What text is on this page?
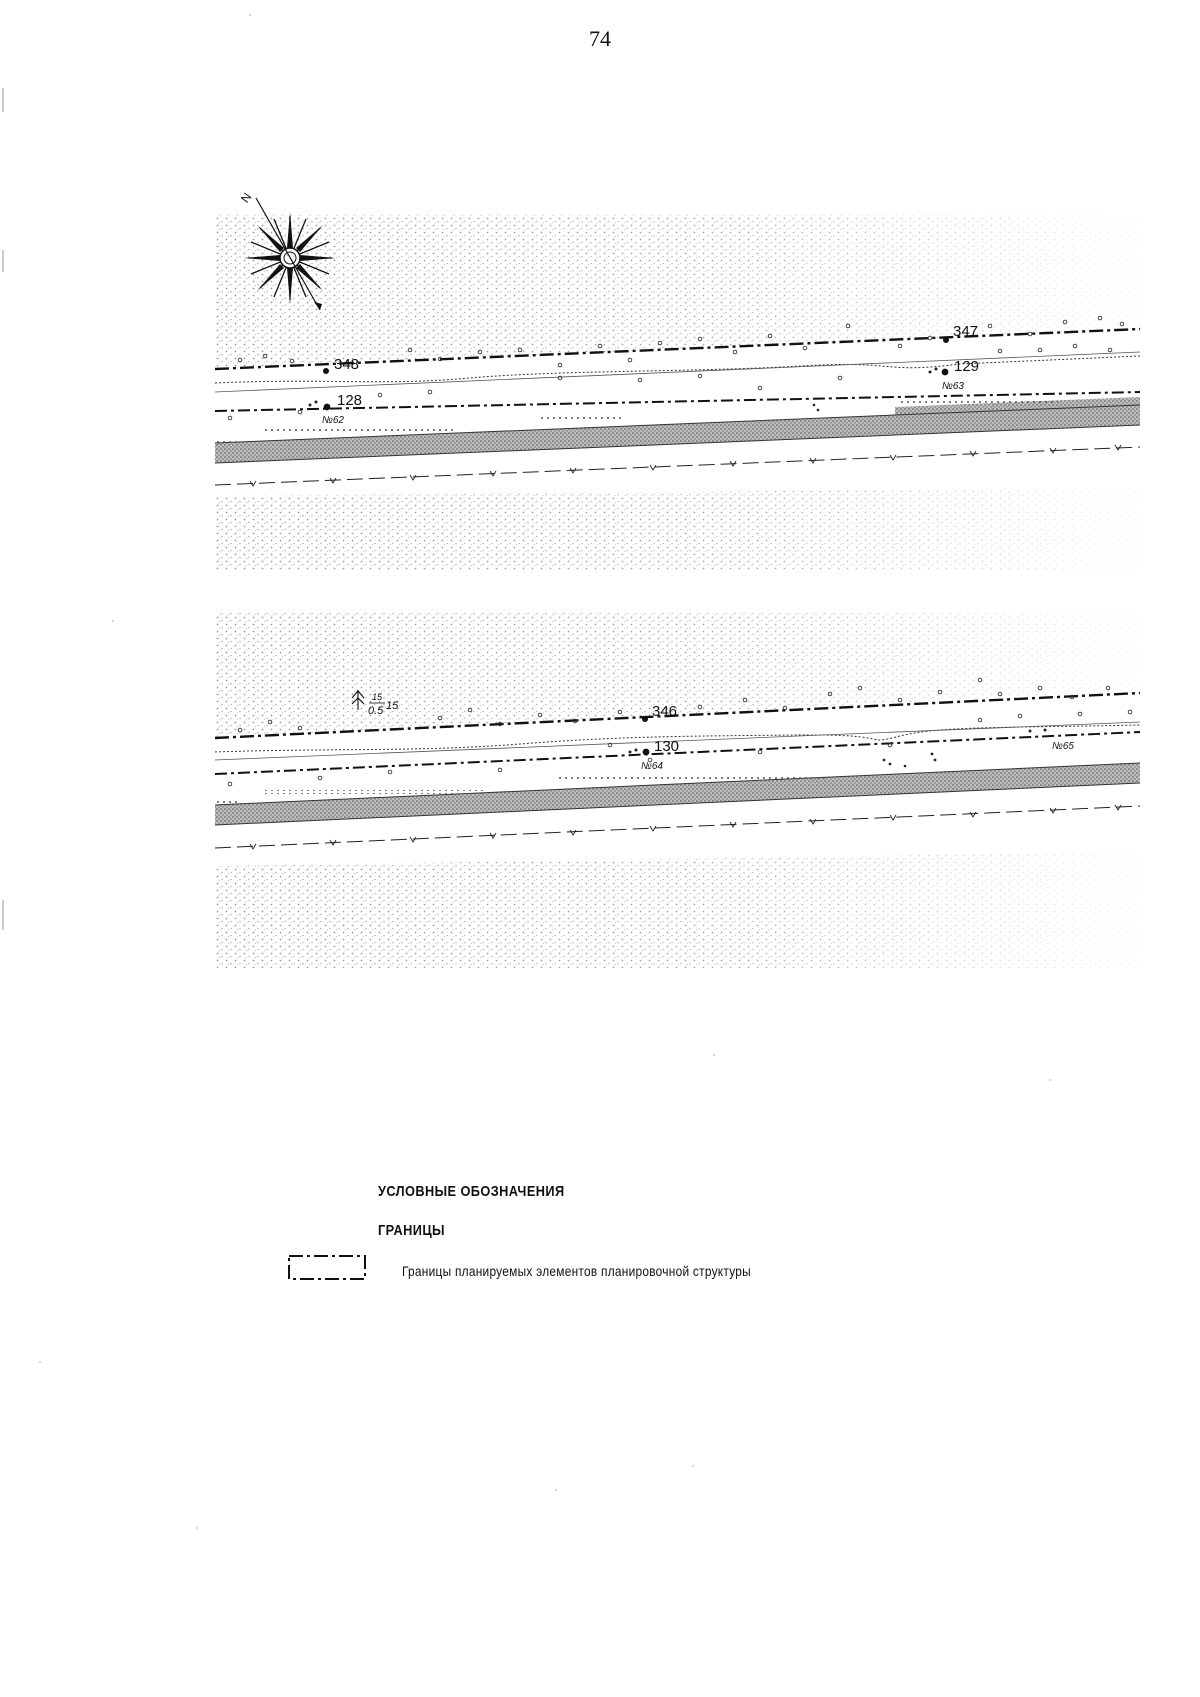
74
348
128
№62
347
129
№63
N
15
0.5 15	346
130
№64
№65
УСЛОВНЫЕ ОБОЗНАЧЕНИЯ
ГРАНИЦЫ
Границы планируемых элементов планировочной структуры
